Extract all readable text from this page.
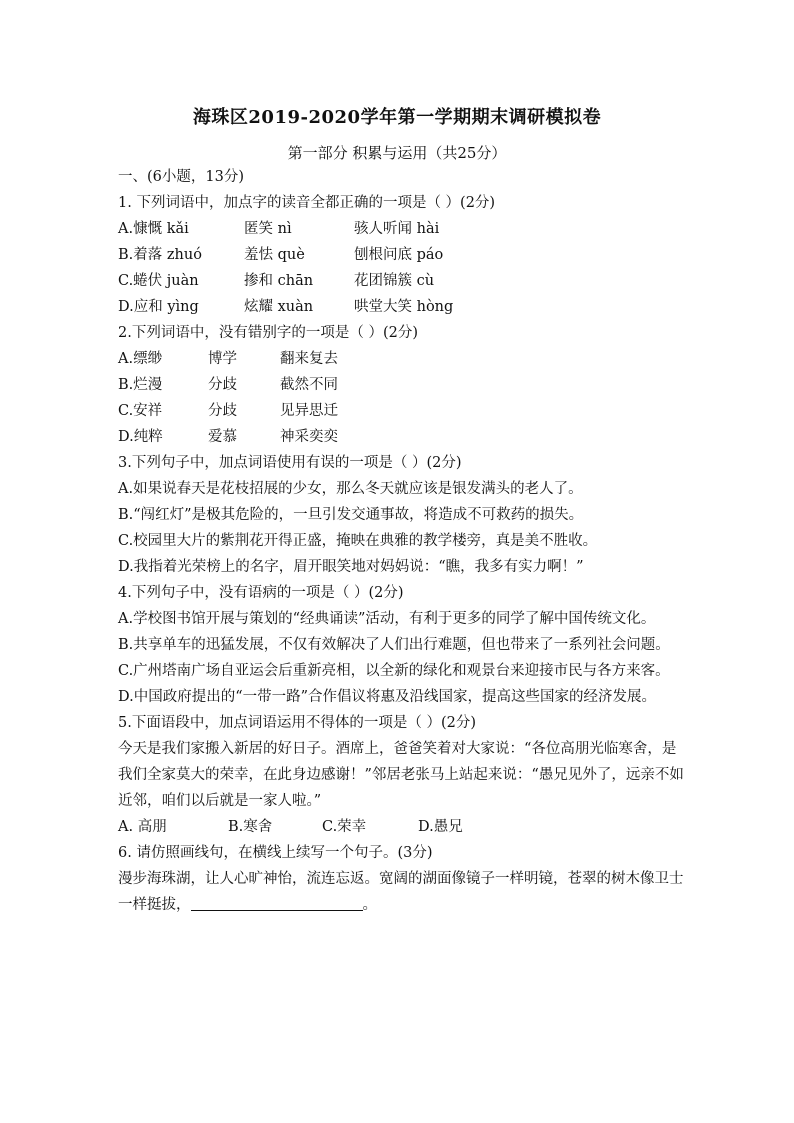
海珠区2019-2020学年第一学期期末调研模拟卷
第一部分 积累与运用（共25分）
一、(6小题，13分)
1. 下列词语中，加点字的读音全都正确的一项是（ ）(2分)
A.慷慨 kǎi	匿笑 nì	骇人听闻 hài
B.着落 zhuó	羞怯 què	刨根问底 páo
C.蜷伏 juàn	掺和 chān	花团锦簇 cù
D.应和 yìng	炫耀 xuàn	哄堂大笑 hòng
2.下列词语中，没有错别字的一项是（ ）(2分)
A.缥缈	博学	翻来复去
B.烂漫	分歧	截然不同
C.安祥	分歧	见异思迁
D.纯粹	爱慕	神采奕奕
3.下列句子中，加点词语使用有误的一项是（ ）(2分)
A.如果说春天是花枝招展的少女，那么冬天就应该是银发满头的老人了。
B.“闯红灯”是极其危险的，一旦引发交通事故，将造成不可救药的损失。
C.校园里大片的紫荆花开得正盛，掩映在典雅的教学楼旁，真是美不胜收。
D.我指着光荣榜上的名字，眉开眼笑地对妈妈说：“瞧，我多有实力啊！”
4.下列句子中，没有语病的一项是（ ）(2分)
A.学校图书馆开展与策划的“经典诵读”活动，有利于更多的同学了解中国传统文化。
B.共享单车的迅猛发展，不仅有效解决了人们出行难题，但也带来了一系列社会问题。
C.广州塔南广场自亚运会后重新亮相，以全新的绿化和观景台来迎接市民与各方来客。
D.中国政府提出的“一带一路”合作倡议将惠及沿线国家，提高这些国家的经济发展。
5.下面语段中，加点词语运用不得体的一项是（ ）(2分)
今天是我们家搬入新居的好日子。酒席上，爸爸笑着对大家说：“各位高朋光临寒舍，是我们全家莫大的荣幸，在此身边感谢！”邻居老张马上站起来说：“愚兄见外了，远亲不如近邻，咱们以后就是一家人啦。”
A. 高朋	B.寒舍	C.荣幸	D.愚兄
6. 请仿照画线句，在横线上续写一个句子。(3分)
漫步海珠湖，让人心旷神怡，流连忘返。宽阔的湖面像镜子一样明镜，苍翠的树木像卫士一样挺拔，	。
